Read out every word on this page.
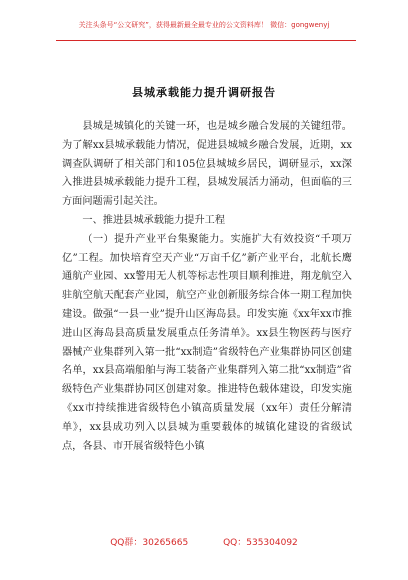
关注头条号“公文研究”，获得最新最全最专业的公文资料库！ 微信：gongwenyj
县城承载能力提升调研报告

县城是城镇化的关键一环，也是城乡融合发展的关键纽带。为了解xx县城承载能力情况，促进县城城乡融合发展，近期，xx调查队调研了相关部门和105位县城城乡居民，调研显示，xx深入推进县城承载能力提升工程，县城发展活力涌动，但面临的三方面问题需引起关注。

一、推进县城承载能力提升工程

（一）提升产业平台集聚能力。实施扩大有效投资“千项万亿”工程。加快培育空天产业“万亩千亿”新产业平台，北航长鹰通航产业园、xx警用无人机等标志性项目顺利推进，翔龙航空入驻航空航天配套产业园，航空产业创新服务综合体一期工程加快建设。做强“一县一业”提升山区海岛县。印发实施《xx年xx市推进山区海岛县高质量发展重点任务清单》。xx县生物医药与医疗器械产业集群列入第一批“xx制造”省级特色产业集群协同区创建名单，xx县高端船舶与海工装备产业集群列入第二批“xx制造”省级特色产业集群协同区创建对象。推进特色载体建设，印发实施《xx市持续推进省级特色小镇高质量发展（xx年）责任分解清单》，xx县成功列入以县城为重要载体的城镇化建设的省级试点，各县、市开展省级特色小镇

QQ群：30265665	QQ：535304092
